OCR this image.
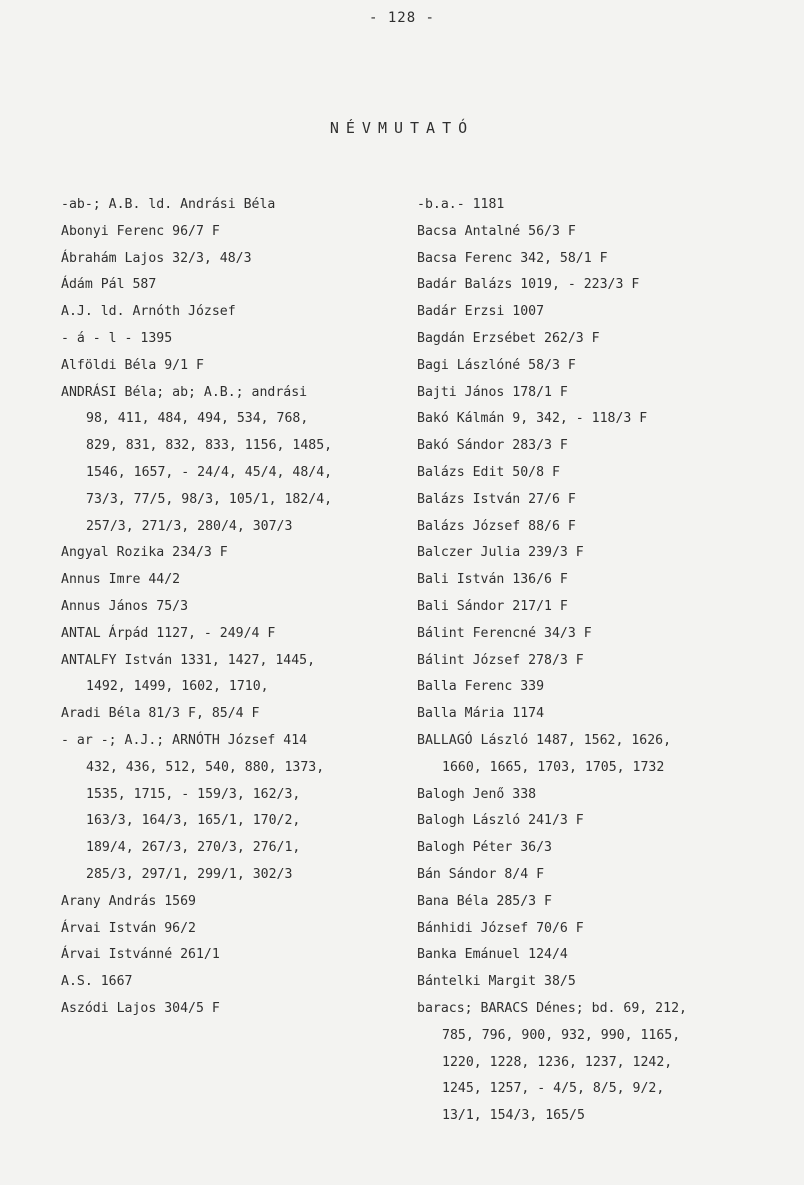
- 128 -
NÉVMUTATÓ
-ab-; A.B. ld. Andrási Béla
Abonyi Ferenc 96/7 F
Ábrahám Lajos 32/3, 48/3
Ádám Pál 587
A.J. ld. Arnóth József
- á - l - 1395
Alföldi Béla 9/1 F
ANDRÁSI Béla; ab; A.B.; andrási
98, 411, 484, 494, 534, 768,
829, 831, 832, 833, 1156, 1485,
1546, 1657, - 24/4, 45/4, 48/4,
73/3, 77/5, 98/3, 105/1, 182/4,
257/3, 271/3, 280/4, 307/3
Angyal Rozika 234/3 F
Annus Imre 44/2
Annus János 75/3
ANTAL Árpád 1127, - 249/4 F
ANTALFY István 1331, 1427, 1445,
1492, 1499, 1602, 1710,
Aradi Béla 81/3 F, 85/4 F
- ar -; A.J.; ARNÓTH József 414
432, 436, 512, 540, 880, 1373,
1535, 1715, - 159/3, 162/3,
163/3, 164/3, 165/1, 170/2,
189/4, 267/3, 270/3, 276/1,
285/3, 297/1, 299/1, 302/3
Arany András 1569
Árvai István 96/2
Árvai Istvánné 261/1
A.S. 1667
Aszódi Lajos 304/5 F
-b.a.- 1181
Bacsa Antalné 56/3 F
Bacsa Ferenc 342, 58/1 F
Badár Balázs 1019, - 223/3 F
Badár Erzsi 1007
Bagdán Erzsébet 262/3 F
Bagi Lászlóné 58/3 F
Bajti János 178/1 F
Bakó Kálmán 9, 342, - 118/3 F
Bakó Sándor 283/3 F
Balázs Edit 50/8 F
Balázs István 27/6 F
Balázs József 88/6 F
Balczer Julia 239/3 F
Bali István 136/6 F
Bali Sándor 217/1 F
Bálint Ferencné 34/3 F
Bálint József 278/3 F
Balla Ferenc 339
Balla Mária 1174
BALLAGÓ László 1487, 1562, 1626,
1660, 1665, 1703, 1705, 1732
Balogh Jenő 338
Balogh László 241/3 F
Balogh Péter 36/3
Bán Sándor 8/4 F
Bana Béla 285/3 F
Bánhidi József 70/6 F
Banka Emánuel 124/4
Bántelki Margit 38/5
baracs; BARACS Dénes; bd. 69, 212,
785, 796, 900, 932, 990, 1165,
1220, 1228, 1236, 1237, 1242,
1245, 1257, - 4/5, 8/5, 9/2,
13/1, 154/3, 165/5
